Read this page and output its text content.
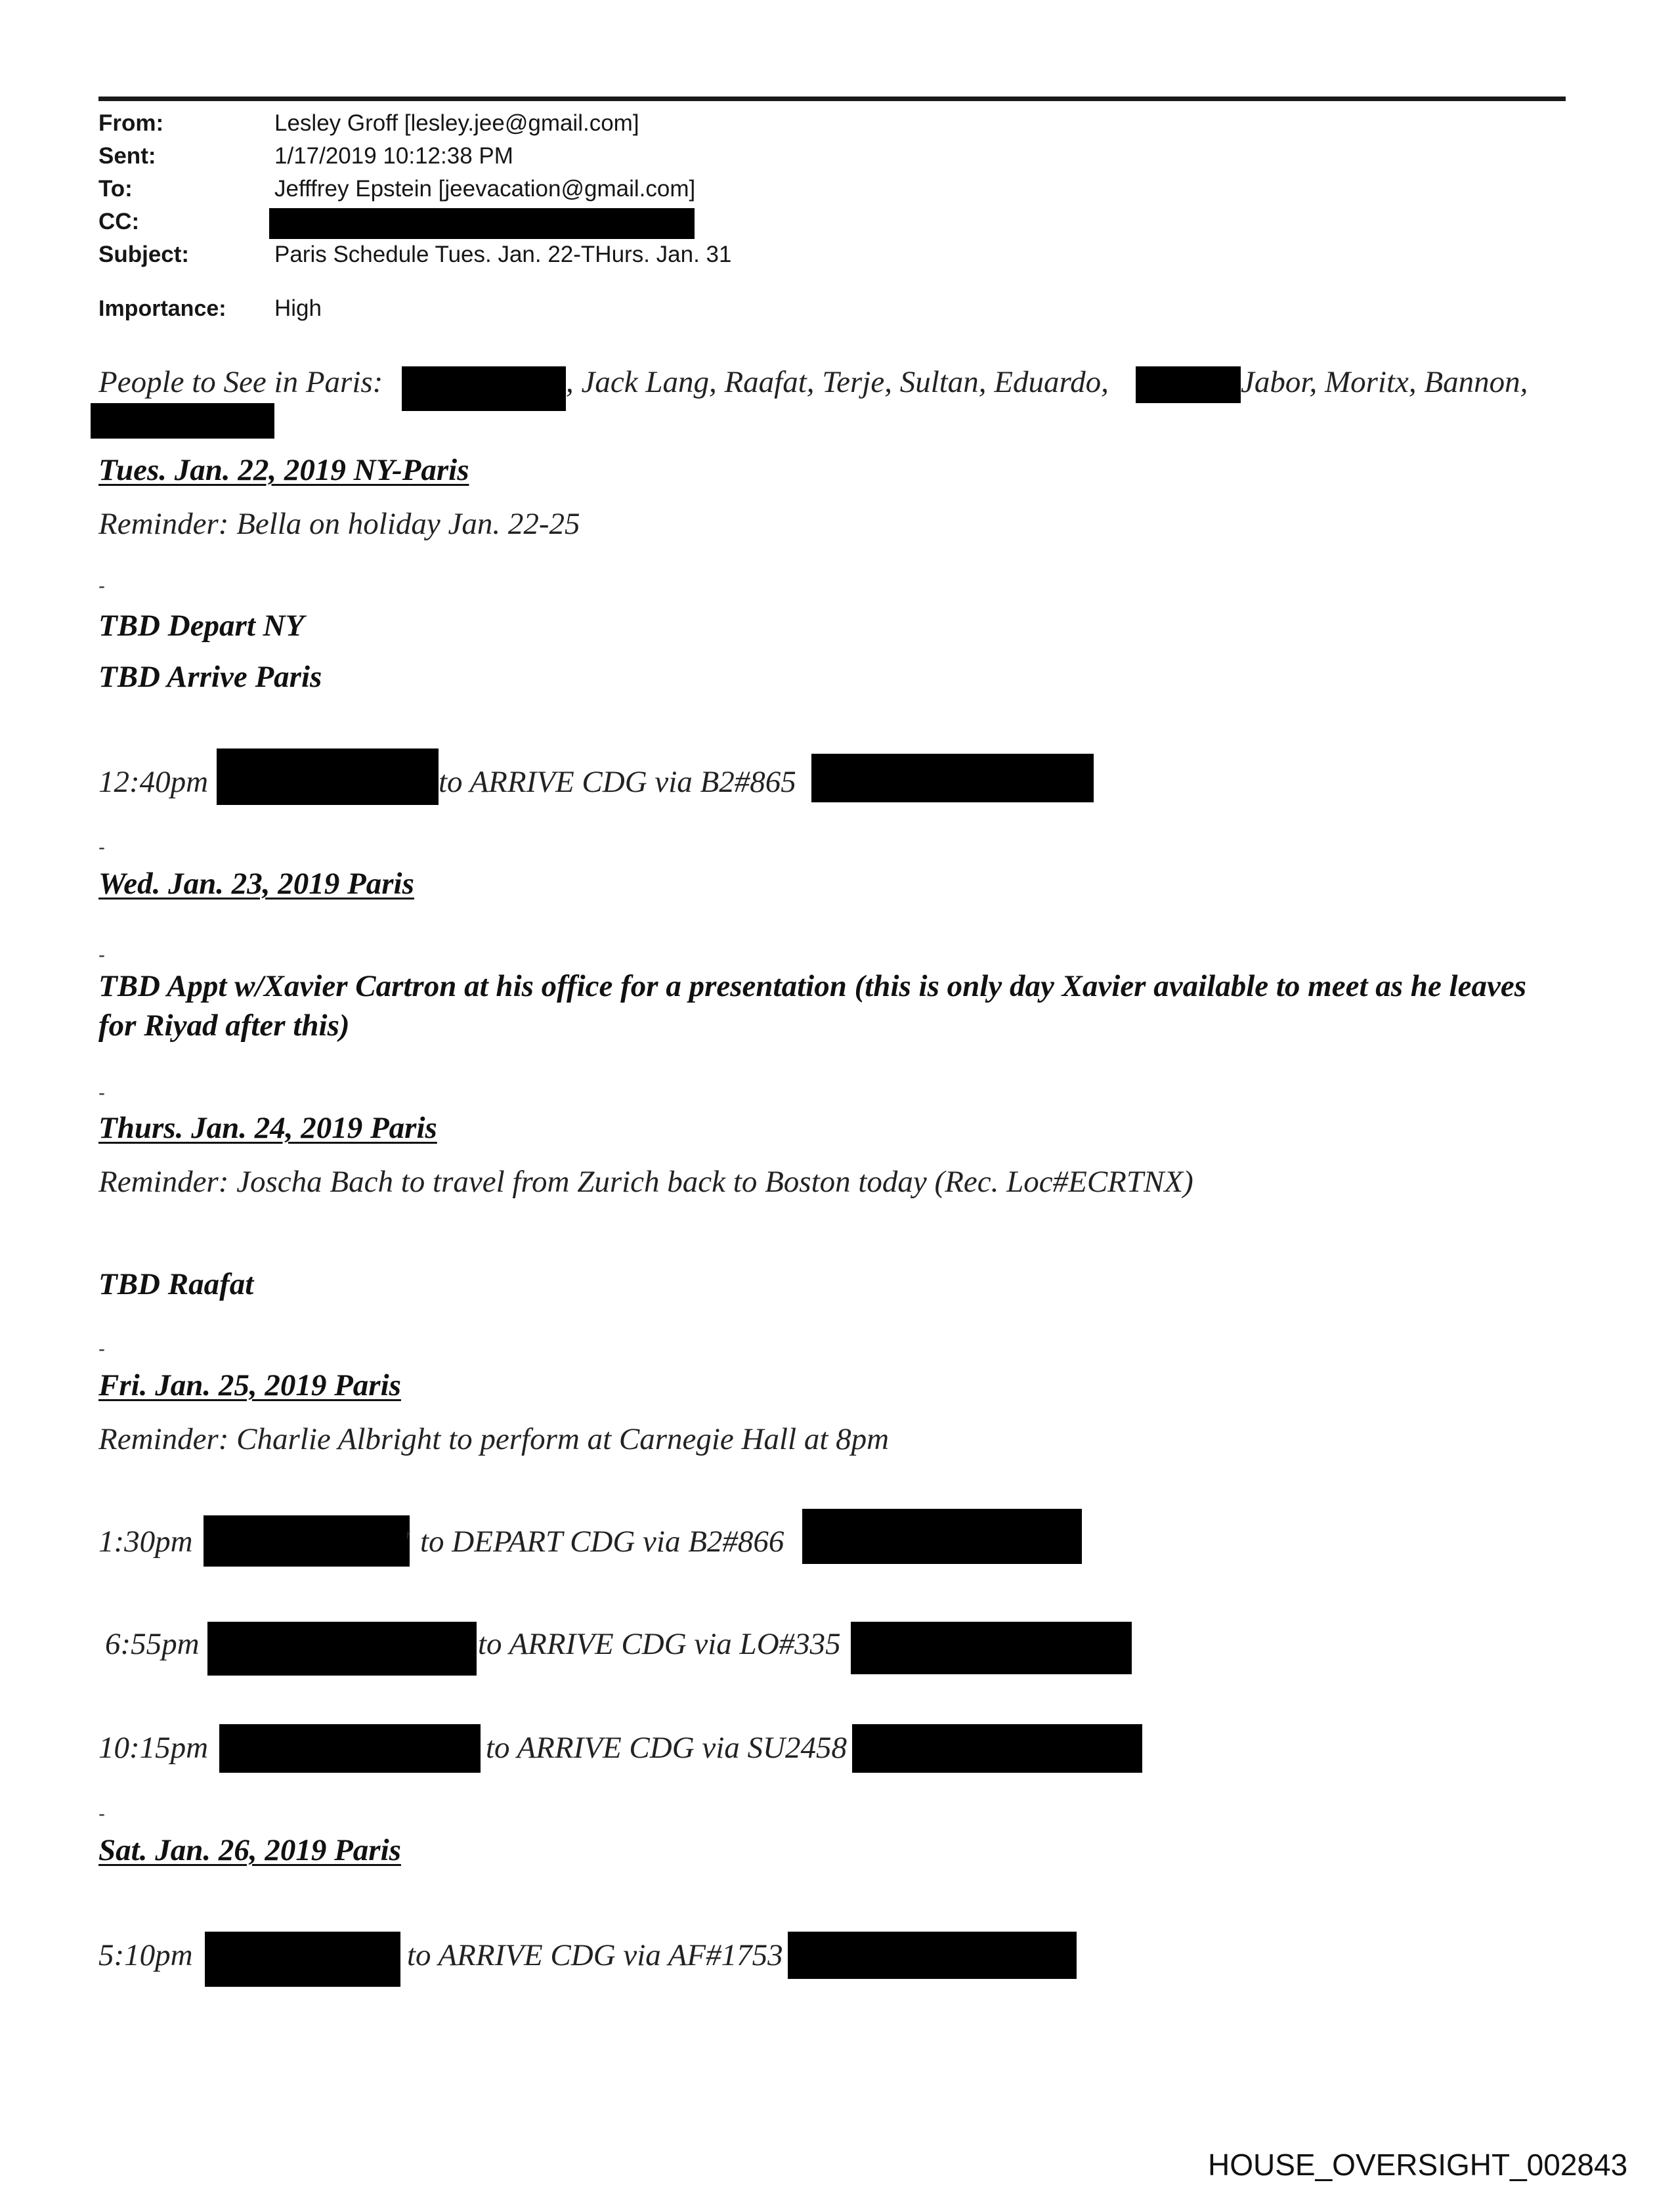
From:	Lesley Groff [lesley.jee@gmail.com]
Sent:	1/17/2019 10:12:38 PM
To:	Jefffrey Epstein [jeevacation@gmail.com]
CC:
Subject:	Paris Schedule Tues. Jan. 22-THurs. Jan. 31
Importance: High
People to See in Paris:	, Jack Lang, Raafat, Terje, Sultan, Eduardo,	Jabor, Moritx, Bannon,
Tues. Jan. 22, 2019 NY-Paris
Reminder: Bella on holiday Jan. 22-25
-
TBD Depart NY
TBD Arrive Paris
12:40pm	to ARRIVE CDG via B2#865
-
Wed. Jan. 23, 2019 Paris
-
TBD Appt w/Xavier Cartron at his office for a presentation (this is only day Xavier available to meet as he leaves for Riyad after this)
-
Thurs. Jan. 24, 2019 Paris
Reminder: Joscha Bach to travel from Zurich back to Boston today (Rec. Loc#ECRTNX)
TBD Raafat
-
Fri. Jan. 25, 2019 Paris
Reminder: Charlie Albright to perform at Carnegie Hall at 8pm
1:30pm	' to DEPART CDG via B2#866
6:55pm	to ARRIVE CDG via LO#335
10:15pm	to ARRIVE CDG via SU2458
-
Sat. Jan. 26, 2019 Paris
5:10pm	to ARRIVE CDG via AF#1753
HOUSE_OVERSIGHT_002843
